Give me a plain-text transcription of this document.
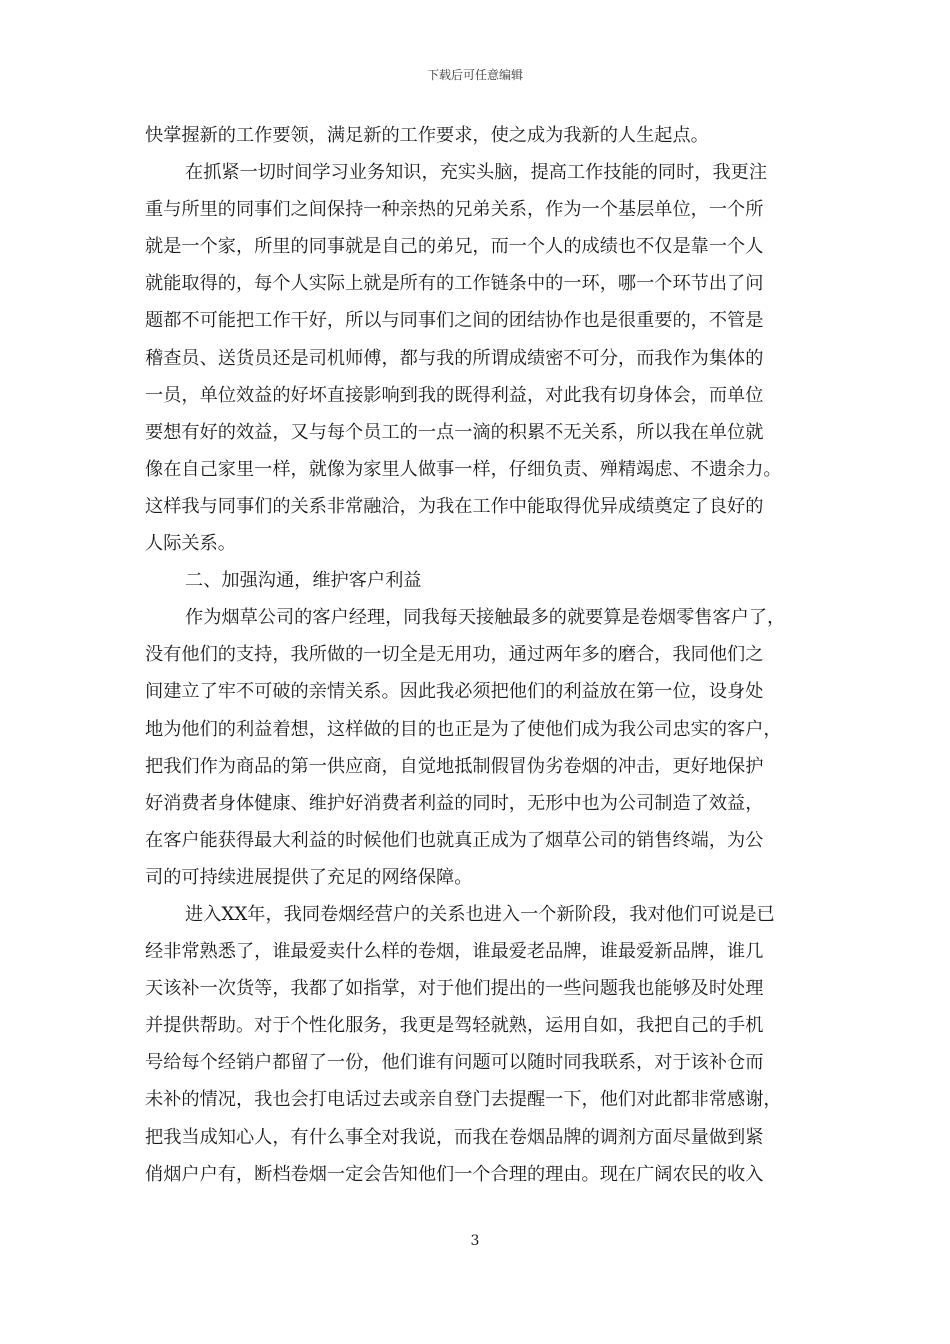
下载后可任意编辑
快掌握新的工作要领，满足新的工作要求，使之成为我新的人生起点。
在抓紧一切时间学习业务知识，充实头脑，提高工作技能的同时，我更注
重与所里的同事们之间保持一种亲热的兄弟关系，作为一个基层单位，一个所
就是一个家，所里的同事就是自己的弟兄，而一个人的成绩也不仅是靠一个人
就能取得的，每个人实际上就是所有的工作链条中的一环，哪一个环节出了问
题都不可能把工作干好，所以与同事们之间的团结协作也是很重要的，不管是
稽查员、送货员还是司机师傅，都与我的所谓成绩密不可分，而我作为集体的
一员，单位效益的好坏直接影响到我的既得利益，对此我有切身体会，而单位
要想有好的效益，又与每个员工的一点一滴的积累不无关系，所以我在单位就
像在自己家里一样，就像为家里人做事一样，仔细负责、殚精竭虑、不遗余力。
这样我与同事们的关系非常融洽，为我在工作中能取得优异成绩奠定了良好的
人际关系。
二、加强沟通，维护客户利益
作为烟草公司的客户经理，同我每天接触最多的就要算是卷烟零售客户了，
没有他们的支持，我所做的一切全是无用功，通过两年多的磨合，我同他们之
间建立了牢不可破的亲情关系。因此我必须把他们的利益放在第一位，设身处
地为他们的利益着想，这样做的目的也正是为了使他们成为我公司忠实的客户，
把我们作为商品的第一供应商，自觉地抵制假冒伪劣卷烟的冲击，更好地保护
好消费者身体健康、维护好消费者利益的同时，无形中也为公司制造了效益，
在客户能获得最大利益的时候他们也就真正成为了烟草公司的销售终端，为公
司的可持续进展提供了充足的网络保障。
进入XX年，我同卷烟经营户的关系也进入一个新阶段，我对他们可说是已
经非常熟悉了，谁最爱卖什么样的卷烟，谁最爱老品牌，谁最爱新品牌，谁几
天该补一次货等，我都了如指掌，对于他们提出的一些问题我也能够及时处理
并提供帮助。对于个性化服务，我更是驾轻就熟，运用自如，我把自己的手机
号给每个经销户都留了一份，他们谁有问题可以随时同我联系，对于该补仓而
未补的情况，我也会打电话过去或亲自登门去提醒一下，他们对此都非常感谢，
把我当成知心人，有什么事全对我说，而我在卷烟品牌的调剂方面尽量做到紧
俏烟户户有，断档卷烟一定会告知他们一个合理的理由。现在广阔农民的收入
3
